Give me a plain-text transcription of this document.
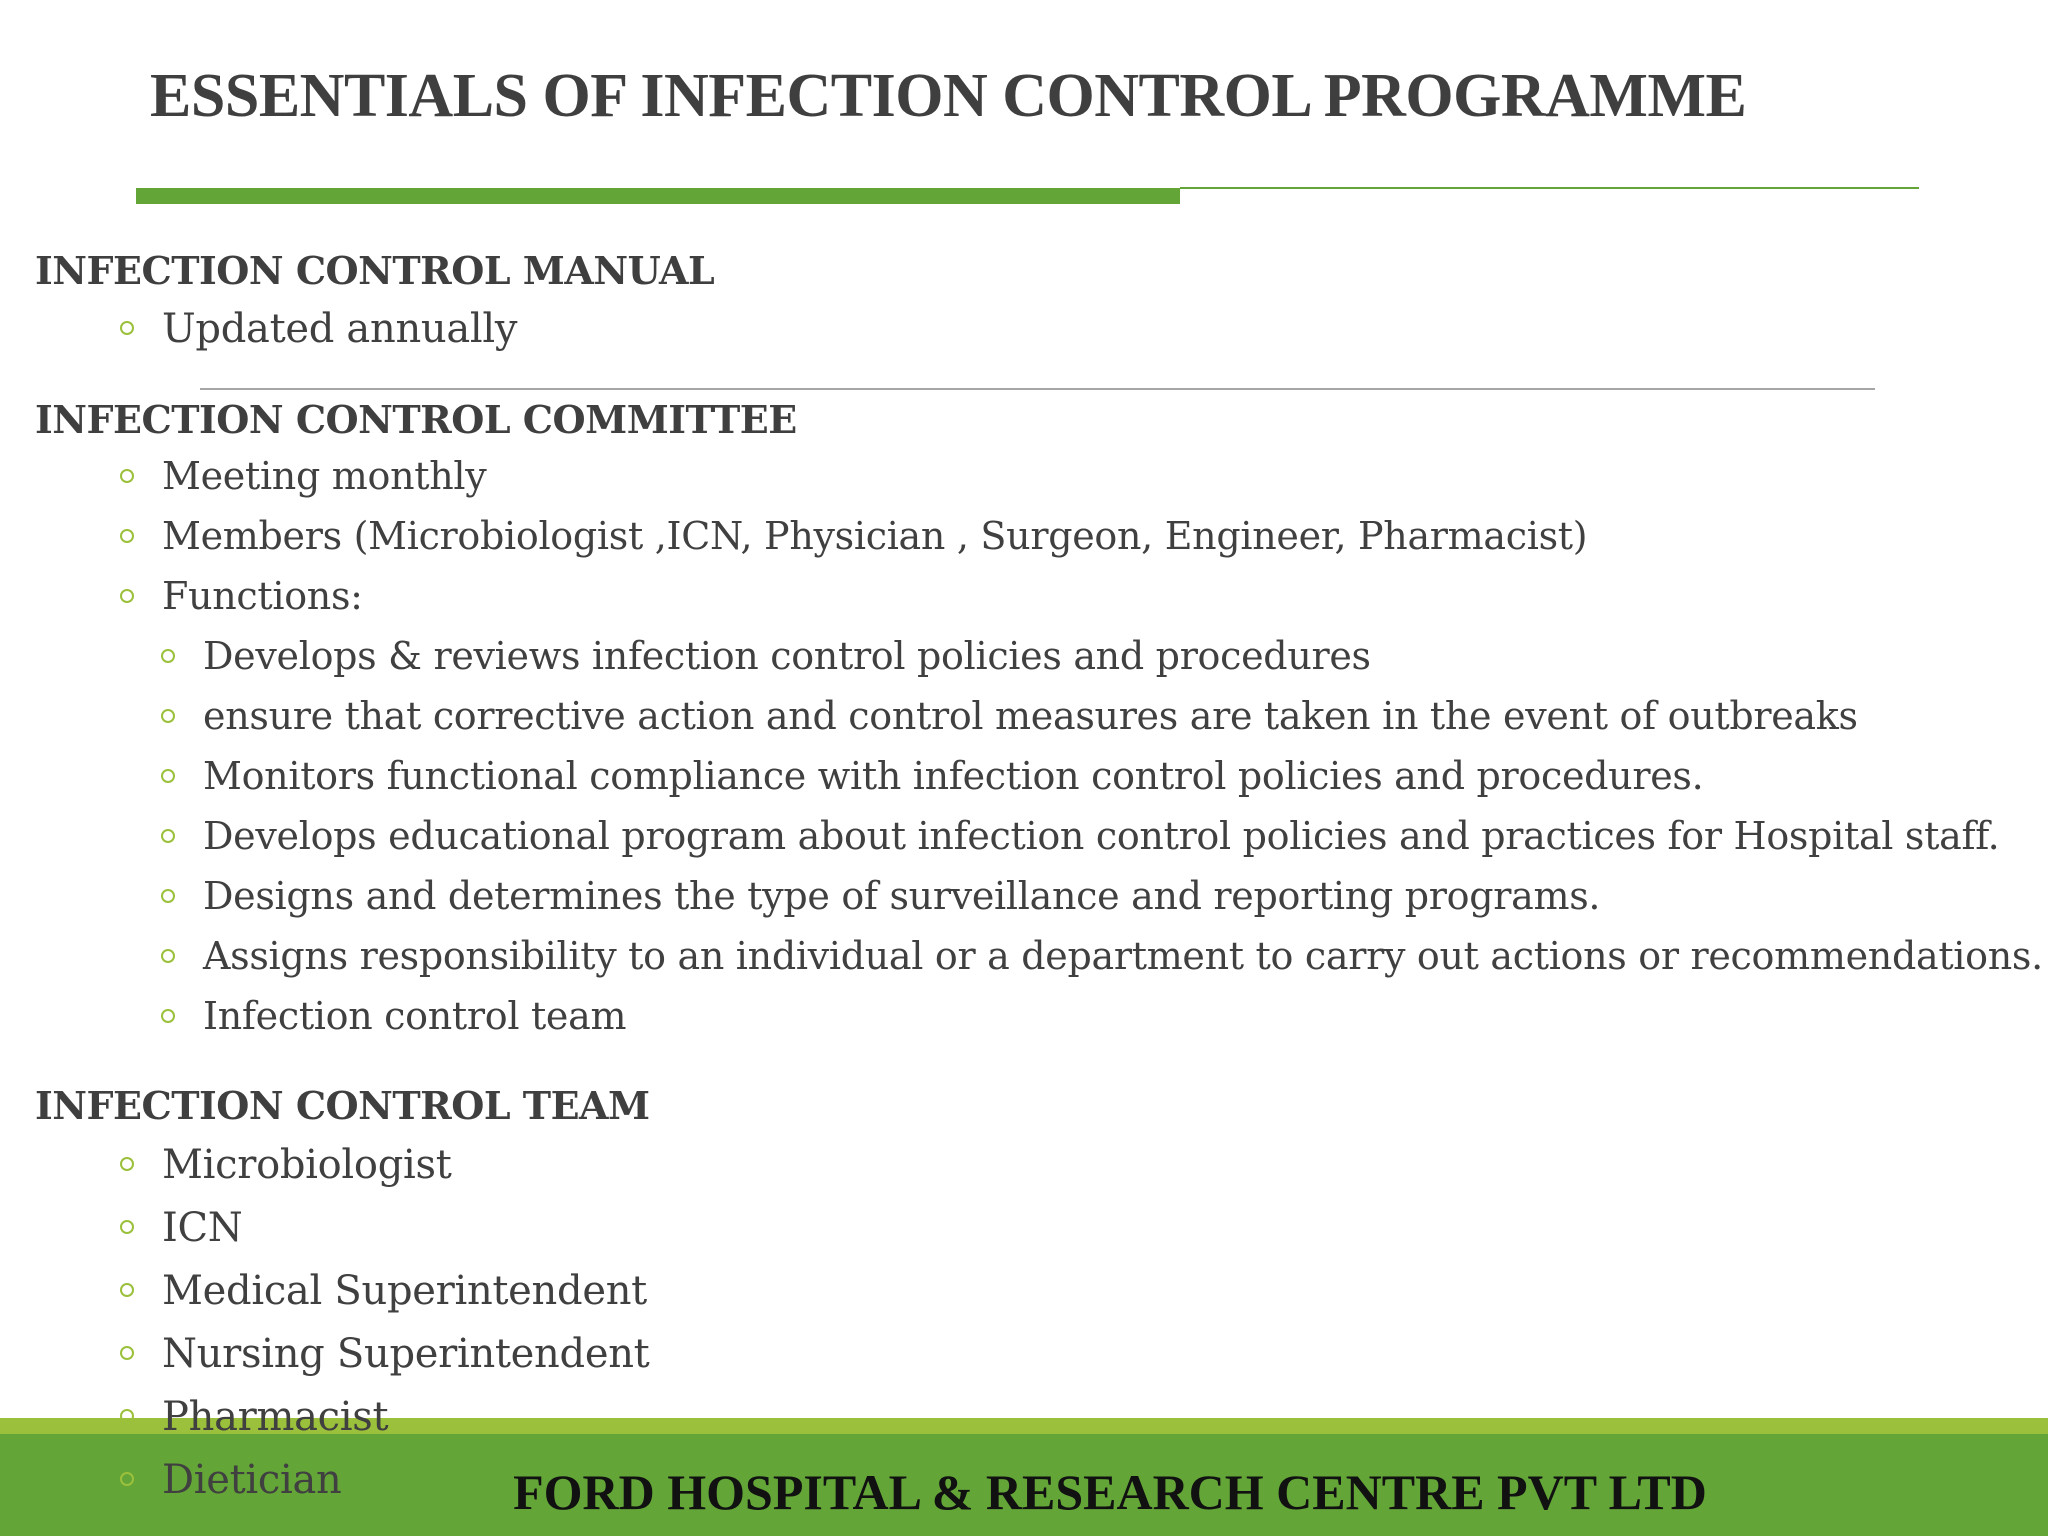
ESSENTIALS OF INFECTION CONTROL PROGRAMME
INFECTION CONTROL MANUAL
Updated annually
INFECTION CONTROL COMMITTEE
Meeting monthly
Members (Microbiologist ,ICN, Physician , Surgeon, Engineer, Pharmacist)
Functions:
Develops & reviews infection control policies and procedures
ensure that corrective action and control measures are taken in the event of outbreaks
Monitors functional compliance with infection control policies and procedures.
Develops educational program about infection control policies and practices for Hospital staff.
Designs and determines the type of surveillance and reporting programs.
Assigns responsibility to an individual or a department to carry out actions or recommendations.
Infection control team
INFECTION CONTROL TEAM
Microbiologist
ICN
Medical Superintendent
Nursing Superintendent
Pharmacist
Dietician	FORD HOSPITAL & RESEARCH CENTRE PVT LTD
